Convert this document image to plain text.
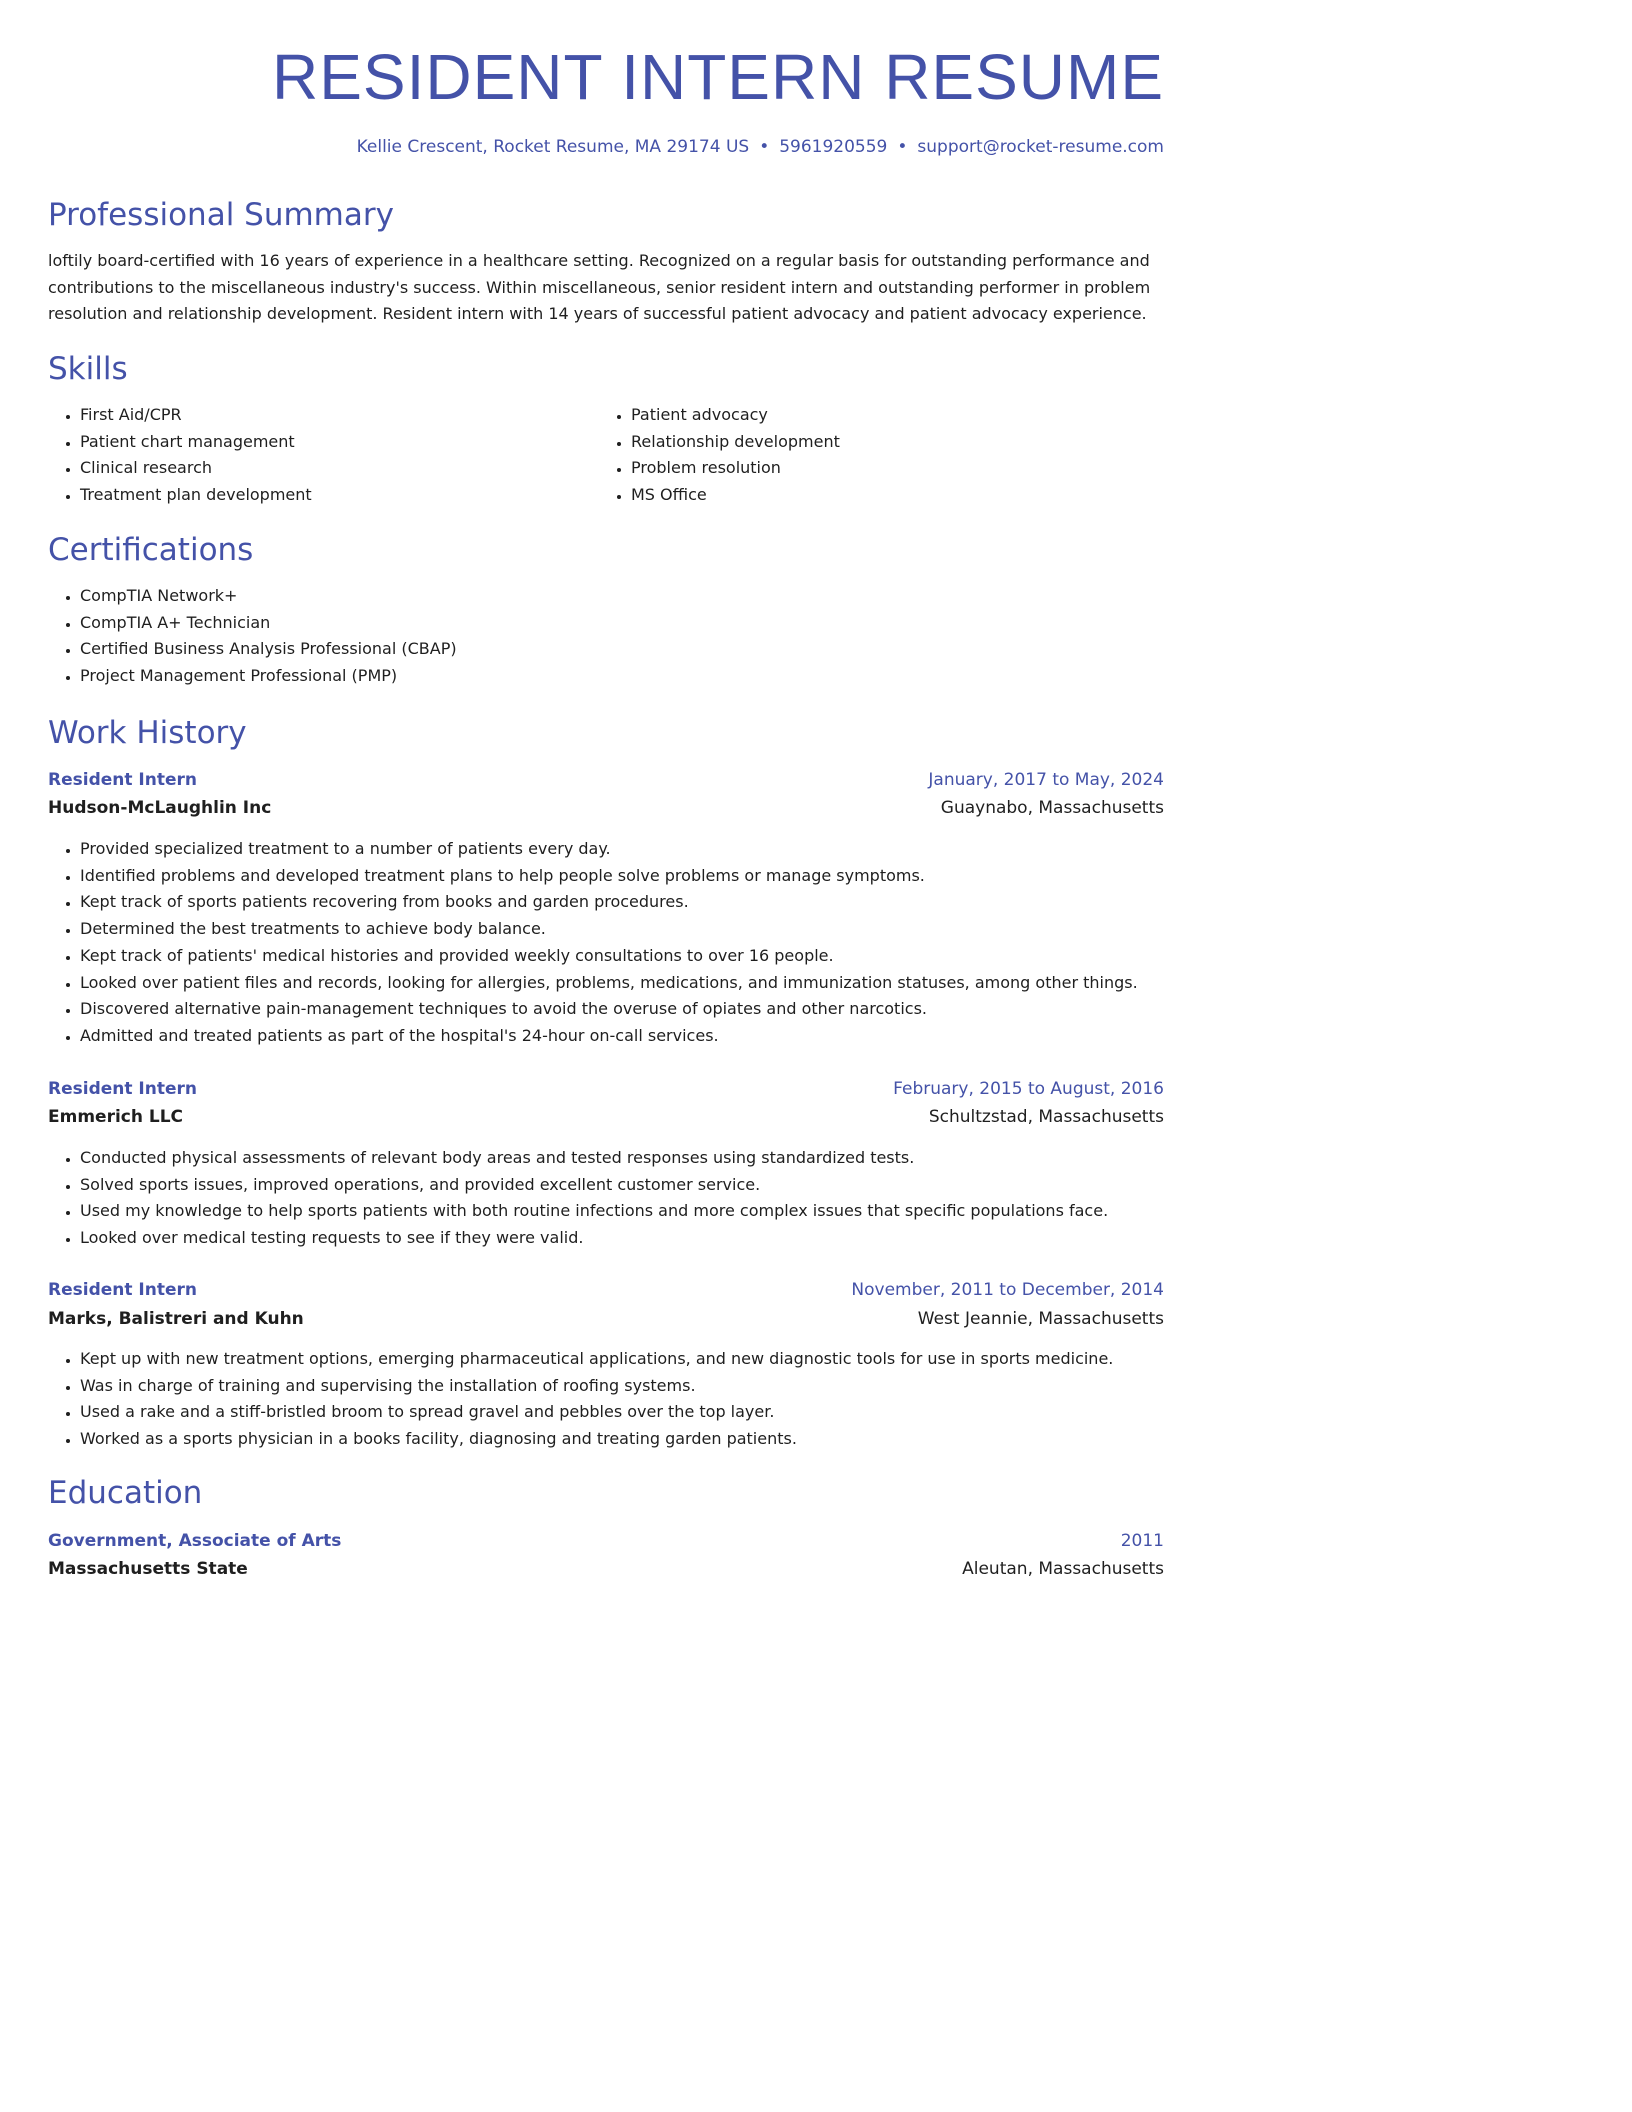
RESIDENT INTERN RESUME
Kellie Crescent, Rocket Resume, MA 29174 US • 5961920559 • support@rocket-resume.com
Professional Summary

loftily board-certified with 16 years of experience in a healthcare setting. Recognized on a regular basis for outstanding performance and contributions to the miscellaneous industry's success. Within miscellaneous, senior resident intern and outstanding performer in problem resolution and relationship development. Resident intern with 14 years of successful patient advocacy and patient advocacy experience.

Skills
• First Aid/CPR
• Patient chart management
• Clinical research
• Treatment plan development
• Patient advocacy
• Relationship development
• Problem resolution
• MS Office
Certifications
• CompTIA Network+
• CompTIA A+ Technician
• Certified Business Analysis Professional (CBAP)
• Project Management Professional (PMP)
Work History
Resident Intern	January, 2017 to May, 2024
Hudson-McLaughlin Inc	Guaynabo, Massachusetts
• Provided specialized treatment to a number of patients every day.
• Identified problems and developed treatment plans to help people solve problems or manage symptoms.
• Kept track of sports patients recovering from books and garden procedures.
• Determined the best treatments to achieve body balance.
• Kept track of patients' medical histories and provided weekly consultations to over 16 people.
• Looked over patient files and records, looking for allergies, problems, medications, and immunization statuses, among other things.
• Discovered alternative pain-management techniques to avoid the overuse of opiates and other narcotics.
• Admitted and treated patients as part of the hospital's 24-hour on-call services.
Resident Intern	February, 2015 to August, 2016
Emmerich LLC	Schultzstad, Massachusetts
• Conducted physical assessments of relevant body areas and tested responses using standardized tests.
• Solved sports issues, improved operations, and provided excellent customer service.
• Used my knowledge to help sports patients with both routine infections and more complex issues that specific populations face.
• Looked over medical testing requests to see if they were valid.
Resident Intern	November, 2011 to December, 2014
Marks, Balistreri and Kuhn	West Jeannie, Massachusetts
• Kept up with new treatment options, emerging pharmaceutical applications, and new diagnostic tools for use in sports medicine.
• Was in charge of training and supervising the installation of roofing systems.
• Used a rake and a stiff-bristled broom to spread gravel and pebbles over the top layer.
• Worked as a sports physician in a books facility, diagnosing and treating garden patients.
Education
Government, Associate of Arts	2011
Massachusetts State	Aleutan, Massachusetts
